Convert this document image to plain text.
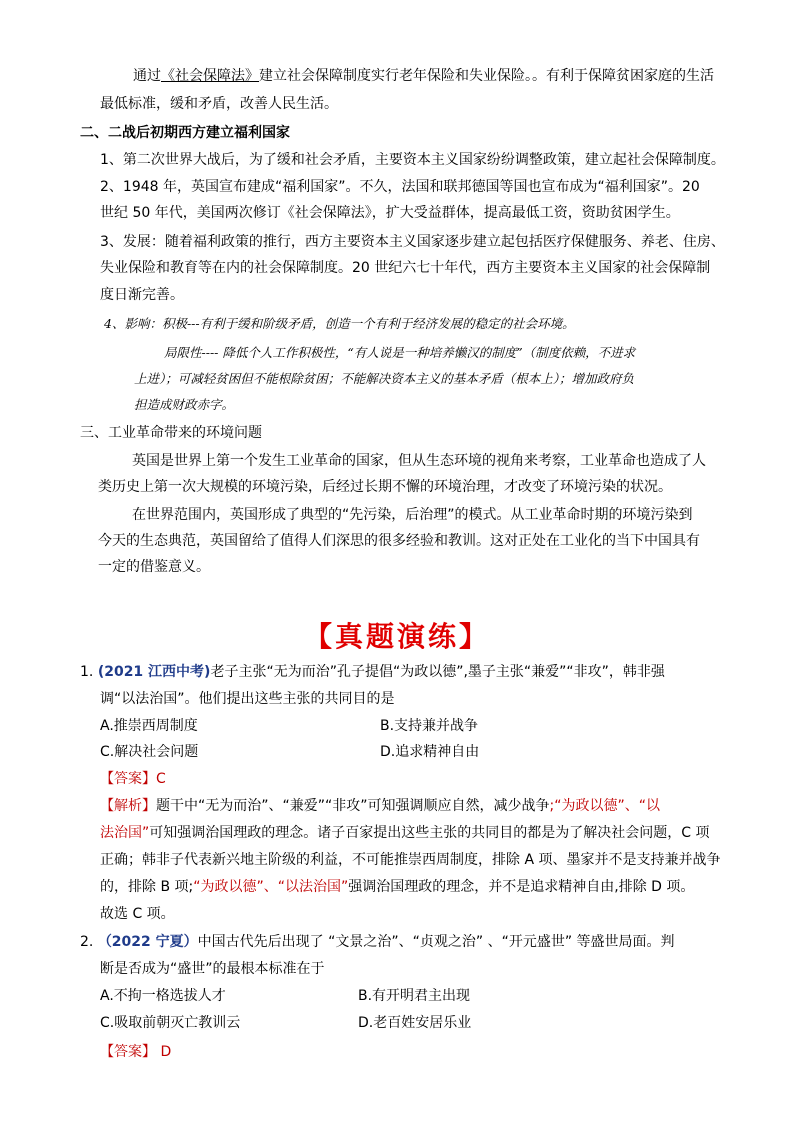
通过《社会保障法》建立社会保障制度实行老年保险和失业保险。。有利于保障贫困家庭的生活
最低标准，缓和矛盾，改善人民生活。
二、二战后初期西方建立福利国家
1、第二次世界大战后，为了缓和社会矛盾，主要资本主义国家纷纷调整政策，建立起社会保障制度。
2、1948 年，英国宣布建成“福利国家”。不久，法国和联邦德国等国也宣布成为“福利国家”。20
世纪 50 年代，美国两次修订《社会保障法》，扩大受益群体，提高最低工资，资助贫困学生。
3、发展：随着福利政策的推行，西方主要资本主义国家逐步建立起包括医疗保健服务、养老、住房、
失业保险和教育等在内的社会保障制度。20 世纪六七十年代，西方主要资本主义国家的社会保障制
度日渐完善。
4、影响：积极---有利于缓和阶级矛盾，创造一个有利于经济发展的稳定的社会环境。
局限性---- 降低个人工作积极性，“有人说是一种培养懒汉的制度”（制度依赖，不进求
上进）；可减轻贫困但不能根除贫困；不能解决资本主义的基本矛盾（根本上）；增加政府负
担造成财政赤字。
三、工业革命带来的环境问题
英国是世界上第一个发生工业革命的国家，但从生态环境的视角来考察，工业革命也造成了人
类历史上第一次大规模的环境污染，后经过长期不懈的环境治理，才改变了环境污染的状况。
在世界范围内，英国形成了典型的“先污染，后治理”的模式。从工业革命时期的环境污染到
今天的生态典范，英国留给了值得人们深思的很多经验和教训。这对正处在工业化的当下中国具有
一定的借鉴意义。
【真题演练】
1. (2021 江西中考)老子主张“无为而治”孔子提倡“为政以德”,墨子主张“兼爱”“非攻”，韩非强
调“以法治国”。他们提出这些主张的共同目的是
A.推崇西周制度	B.支持兼并战争
C.解决社会问题	D.追求精神自由
【答案】C
【解析】题干中“无为而治”、“兼爱”“非攻”可知强调顺应自然，减少战争;“为政以德”、“以
法治国”可知强调治国理政的理念。诸子百家提出这些主张的共同目的都是为了解决社会问题，C 项
正确；韩非子代表新兴地主阶级的利益，不可能推崇西周制度，排除 A 项、墨家并不是支持兼并战争
的，排除 B 项;“为政以德”、“以法治国”强调治国理政的理念，并不是追求精神自由,排除 D 项。
故选 C 项。
2. （2022 宁夏）中国古代先后出现了 “文景之治”、“贞观之治” 、“开元盛世” 等盛世局面。判
断是否成为“盛世”的最根本标准在于
A.不拘一格选拔人才	B.有开明君主出现
C.吸取前朝灭亡教训云	D.老百姓安居乐业
【答案】 D
